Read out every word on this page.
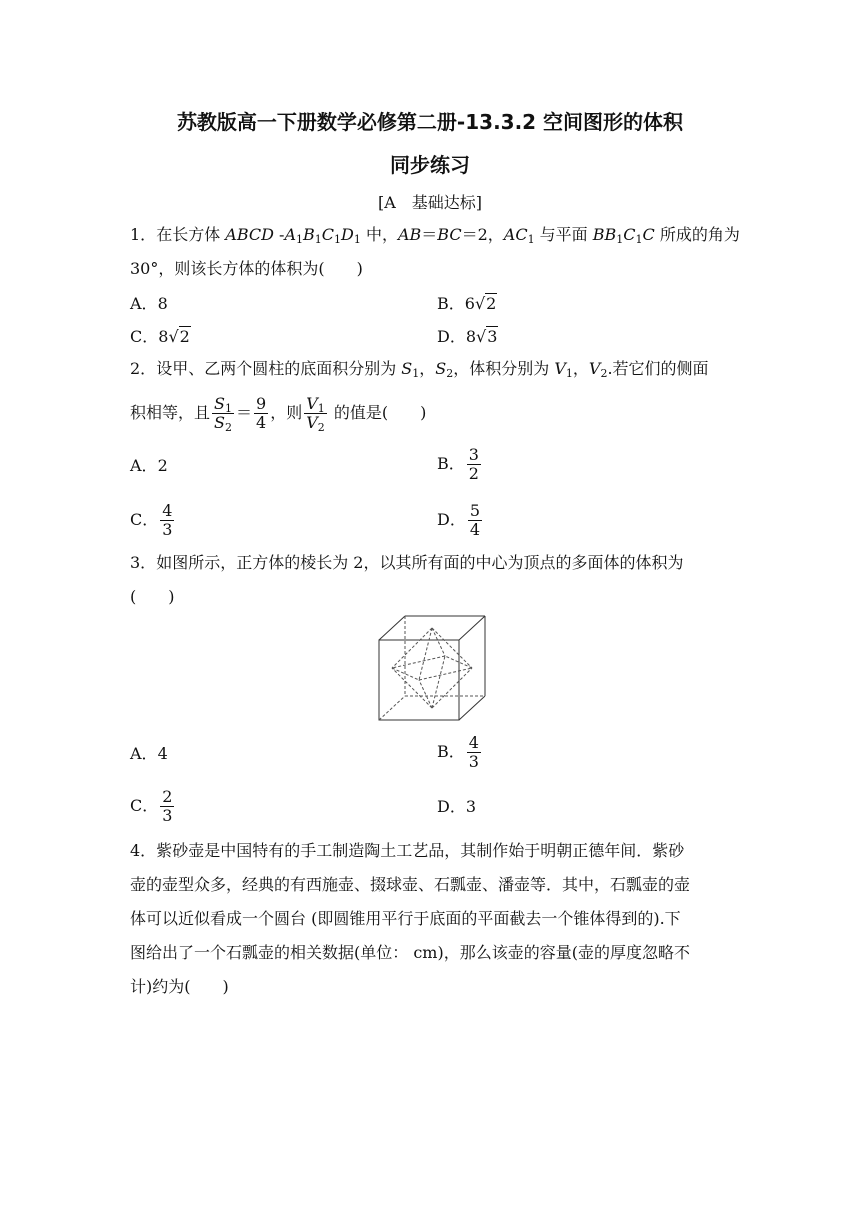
苏教版高一下册数学必修第二册-13.3.2 空间图形的体积
同步练习
[A　基础达标]
1．在长方体 ABCD $-A_1B_1C_1D_1$ 中，AB＝BC＝2，$AC_1$ 与平面 $BB_1C_1C$ 所成的角为
30°，则该长方体的体积为(　　)
A．8	B．6√2
C．8√2	D．8√3
2．设甲、乙两个圆柱的底面积分别为 $S_1$，$S_2$，体积分别为 $V_1$，$V_2$.若它们的侧面
积相等，且 $\frac{S_1}{S_2} = \frac{9}{4}$ ，则 $\frac{V_1}{V_2}$ 的值是(　　)
A．2	B． $\frac{3}{2}$
C． $\frac{4}{3}$	D． $\frac{5}{4}$
3．如图所示，正方体的棱长为 2，以其所有面的中心为顶点的多面体的体积为
(　　)
A．4	B． $\frac{4}{3}$
C． $\frac{2}{3}$	D．3
4．紫砂壶是中国特有的手工制造陶土工艺品，其制作始于明朝正德年间．紫砂
壶的壶型众多，经典的有西施壶、掇球壶、石瓢壶、潘壶等．其中，石瓢壶的壶
体可以近似看成一个圆台 (即圆锥用平行于底面的平面截去一个锥体得到的).下
图给出了一个石瓢壶的相关数据(单位： cm)，那么该壶的容量(壶的厚度忽略不
计)约为(　　)
